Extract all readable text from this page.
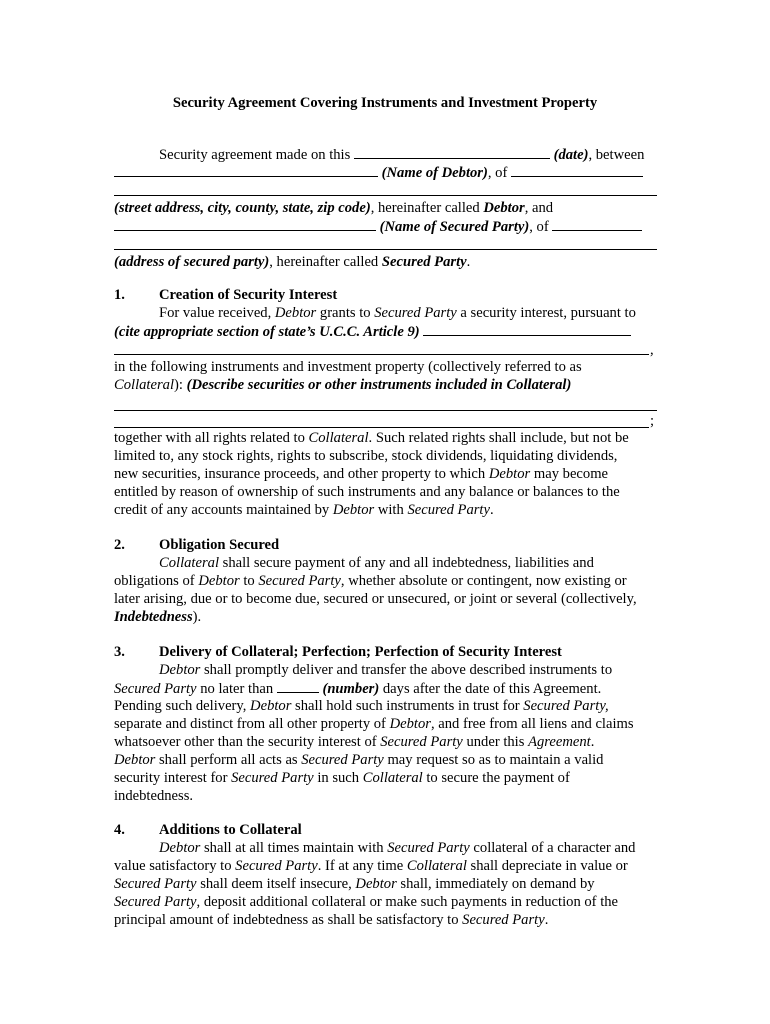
Security Agreement Covering Instruments and Investment Property
Security agreement made on this	(date), between
(Name of Debtor), of
(street address, city, county, state, zip code), hereinafter called Debtor, and
(Name of Secured Party), of
(address of secured party), hereinafter called Secured Party.
1. Creation of Security Interest
For value received, Debtor grants to Secured Party a security interest, pursuant to
(cite appropriate section of state’s U.C.C. Article 9)
,
in the following instruments and investment property (collectively referred to as
Collateral): (Describe securities or other instruments included in Collateral)
;
together with all rights related to Collateral. Such related rights shall include, but not be
limited to, any stock rights, rights to subscribe, stock dividends, liquidating dividends,
new securities, insurance proceeds, and other property to which Debtor may become
entitled by reason of ownership of such instruments and any balance or balances to the
credit of any accounts maintained by Debtor with Secured Party.
2. Obligation Secured
Collateral shall secure payment of any and all indebtedness, liabilities and
obligations of Debtor to Secured Party, whether absolute or contingent, now existing or
later arising, due or to become due, secured or unsecured, or joint or several (collectively,
Indebtedness).
3. Delivery of Collateral; Perfection; Perfection of Security Interest
Debtor shall promptly deliver and transfer the above described instruments to
Secured Party no later than	(number) days after the date of this Agreement.
Pending such delivery, Debtor shall hold such instruments in trust for Secured Party,
separate and distinct from all other property of Debtor, and free from all liens and claims
whatsoever other than the security interest of Secured Party under this Agreement.
Debtor shall perform all acts as Secured Party may request so as to maintain a valid
security interest for Secured Party in such Collateral to secure the payment of
indebtedness.
4. Additions to Collateral
Debtor shall at all times maintain with Secured Party collateral of a character and
value satisfactory to Secured Party. If at any time Collateral shall depreciate in value or
Secured Party shall deem itself insecure, Debtor shall, immediately on demand by
Secured Party, deposit additional collateral or make such payments in reduction of the
principal amount of indebtedness as shall be satisfactory to Secured Party.
